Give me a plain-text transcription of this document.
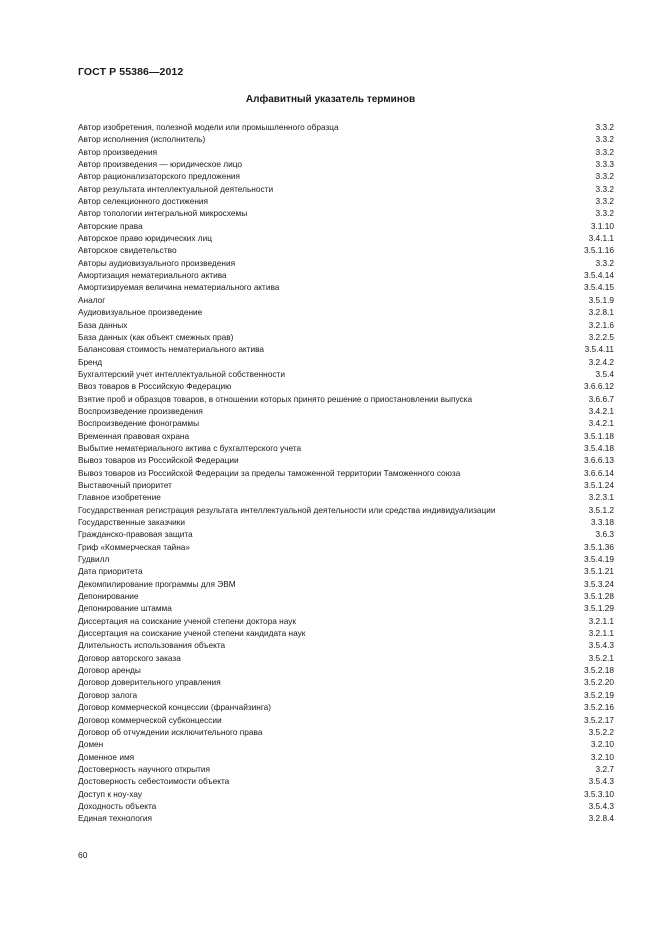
ГОСТ Р 55386—2012
Алфавитный указатель терминов
Автор изобретения, полезной модели или промышленного образца	3.3.2
Автор исполнения (исполнитель)	3.3.2
Автор произведения	3.3.2
Автор произведения — юридическое лицо	3.3.3
Автор рационализаторского предложения	3.3.2
Автор результата интеллектуальной деятельности	3.3.2
Автор селекционного достижения	3.3.2
Автор топологии интегральной микросхемы	3.3.2
Авторские права	3.1.10
Авторское право юридических лиц	3.4.1.1
Авторское свидетельство	3.5.1.16
Авторы аудиовизуального произведения	3.3.2
Амортизация нематериального актива	3.5.4.14
Амортизируемая величина нематериального актива	3.5.4.15
Аналог	3.5.1.9
Аудиовизуальное произведение	3.2.8.1
База данных	3.2.1.6
База данных (как объект смежных прав)	3.2.2.5
Балансовая стоимость нематериального актива	3.5.4.11
Бренд	3.2.4.2
Бухгалтерский учет интеллектуальной собственности	3.5.4
Ввоз товаров в Российскую Федерацию	3.6.6.12
Взятие проб и образцов товаров, в отношении которых принято решение о приостановлении выпуска	3.6.6.7
Воспроизведение произведения	3.4.2.1
Воспроизведение фонограммы	3.4.2.1
Временная правовая охрана	3.5.1.18
Выбытие нематериального актива с бухгалтерского учета	3.5.4.18
Вывоз товаров из Российской Федерации	3.6.6.13
Вывоз товаров из Российской Федерации за пределы таможенной территории Таможенного союза	3.6.6.14
Выставочный приоритет	3.5.1.24
Главное изобретение	3.2.3.1
Государственная регистрация результата интеллектуальной деятельности или средства индивидуализации	3.5.1.2
Государственные заказчики	3.3.18
Гражданско-правовая защита	3.6.3
Гриф «Коммерческая тайна»	3.5.1.36
Гудвилл	3.5.4.19
Дата приоритета	3.5.1.21
Декомпилирование программы для ЭВМ	3.5.3.24
Депонирование	3.5.1.28
Депонирование штамма	3.5.1.29
Диссертация на соискание ученой степени доктора наук	3.2.1.1
Диссертация на соискание ученой степени кандидата наук	3.2.1.1
Длительность использования объекта	3.5.4.3
Договор авторского заказа	3.5.2.1
Договор аренды	3.5.2.18
Договор доверительного управления	3.5.2.20
Договор залога	3.5.2.19
Договор коммерческой концессии (франчайзинга)	3.5.2.16
Договор коммерческой субконцессии	3.5.2.17
Договор об отчуждении исключительного права	3.5.2.2
Домен	3.2.10
Доменное имя	3.2.10
Достоверность научного открытия	3.2.7
Достоверность себестоимости объекта	3.5.4.3
Доступ к ноу-хау	3.5.3.10
Доходность объекта	3.5.4.3
Единая технология	3.2.8.4
60
